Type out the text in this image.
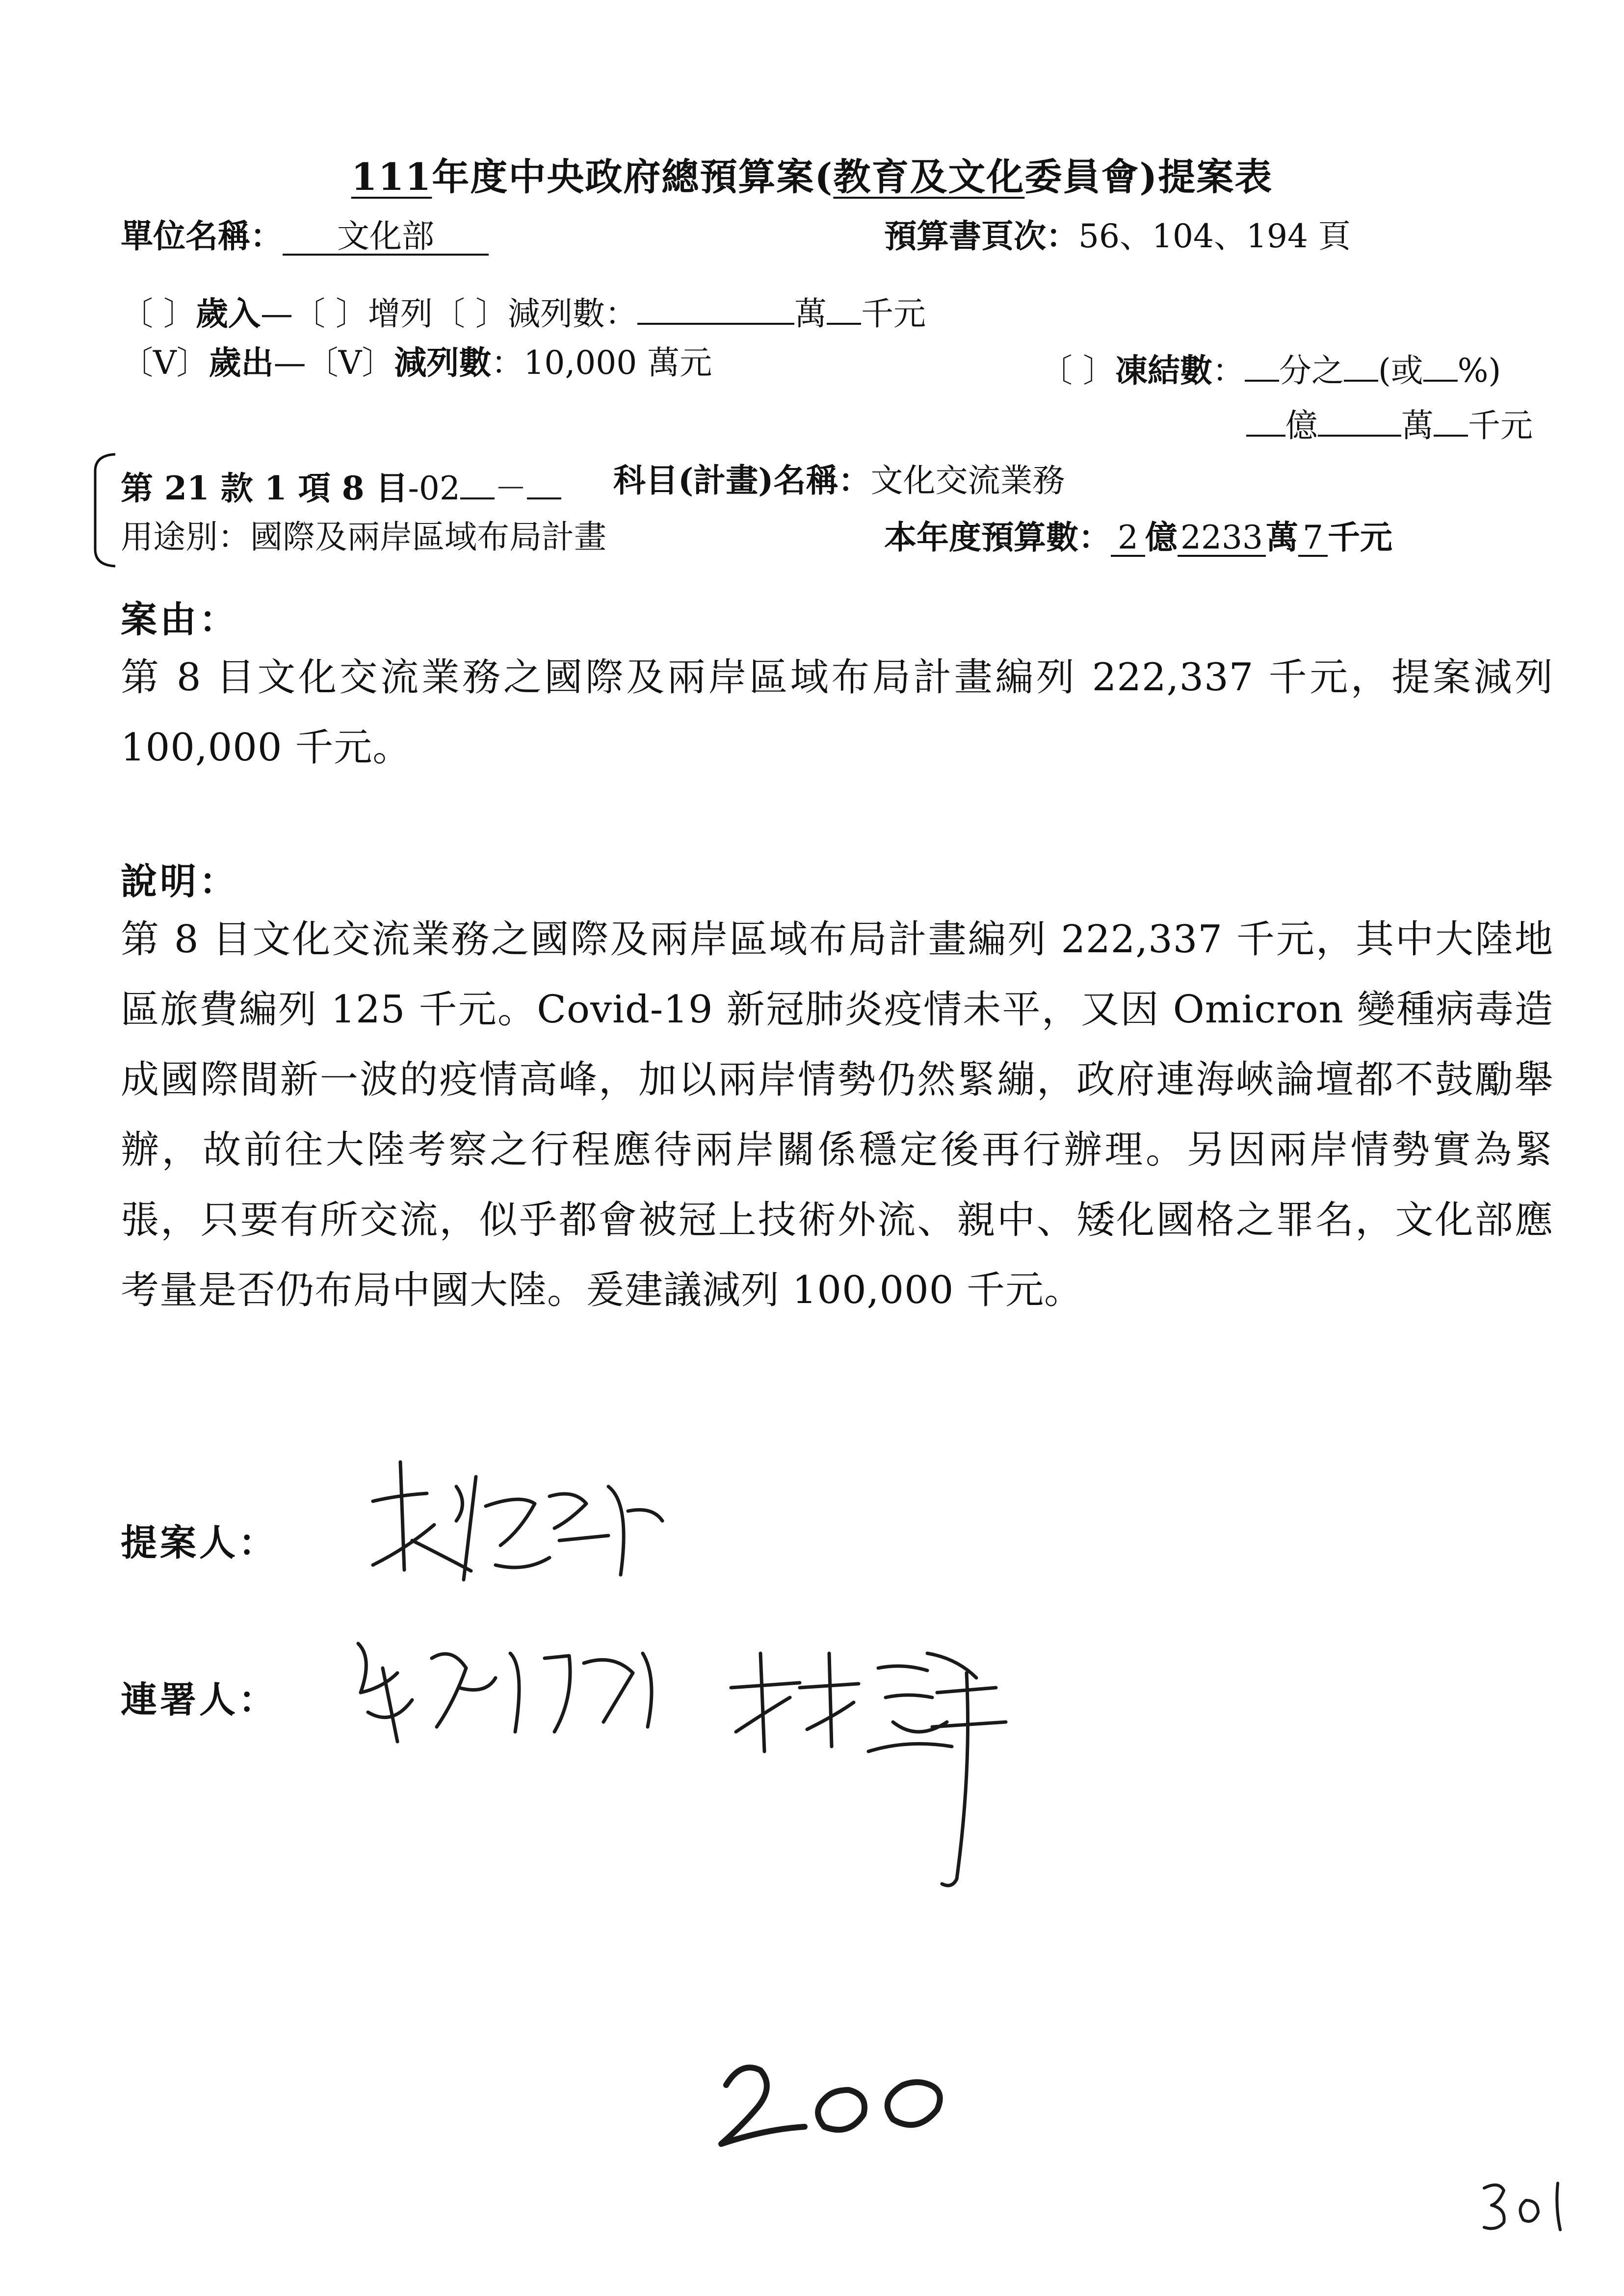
111年度中央政府總預算案(教育及文化委員會)提案表
單位名稱： 文化部	預算書頁次：56、104、194 頁
〔 〕歲入—〔 〕增列〔 〕減列數：	萬 千元
〔V〕歲出—〔V〕減列數：10,000 萬元	〔 〕凍結數： 分之 (或 %)
億	萬 千元
第 21 款 1 項 8 目-02 －	科目(計畫)名稱：文化交流業務
用途別：國際及兩岸區域布局計畫	本年度預算數： 2 億2233萬 7 千元
案由：
第 8 目文化交流業務之國際及兩岸區域布局計畫編列 222,337 千元，提案減列 100,000 千元。
說明：
第 8 目文化交流業務之國際及兩岸區域布局計畫編列 222,337 千元，其中大陸地區旅費編列 125 千元。Covid-19 新冠肺炎疫情未平，又因 Omicron 變種病毒造成國際間新一波的疫情高峰，加以兩岸情勢仍然緊繃，政府連海峽論壇都不鼓勵舉辦，故前往大陸考察之行程應待兩岸關係穩定後再行辦理。另因兩岸情勢實為緊張，只要有所交流，似乎都會被冠上技術外流、親中、矮化國格之罪名，文化部應考量是否仍布局中國大陸。爰建議減列 100,000 千元。
提案人：
連署人：
200
301
